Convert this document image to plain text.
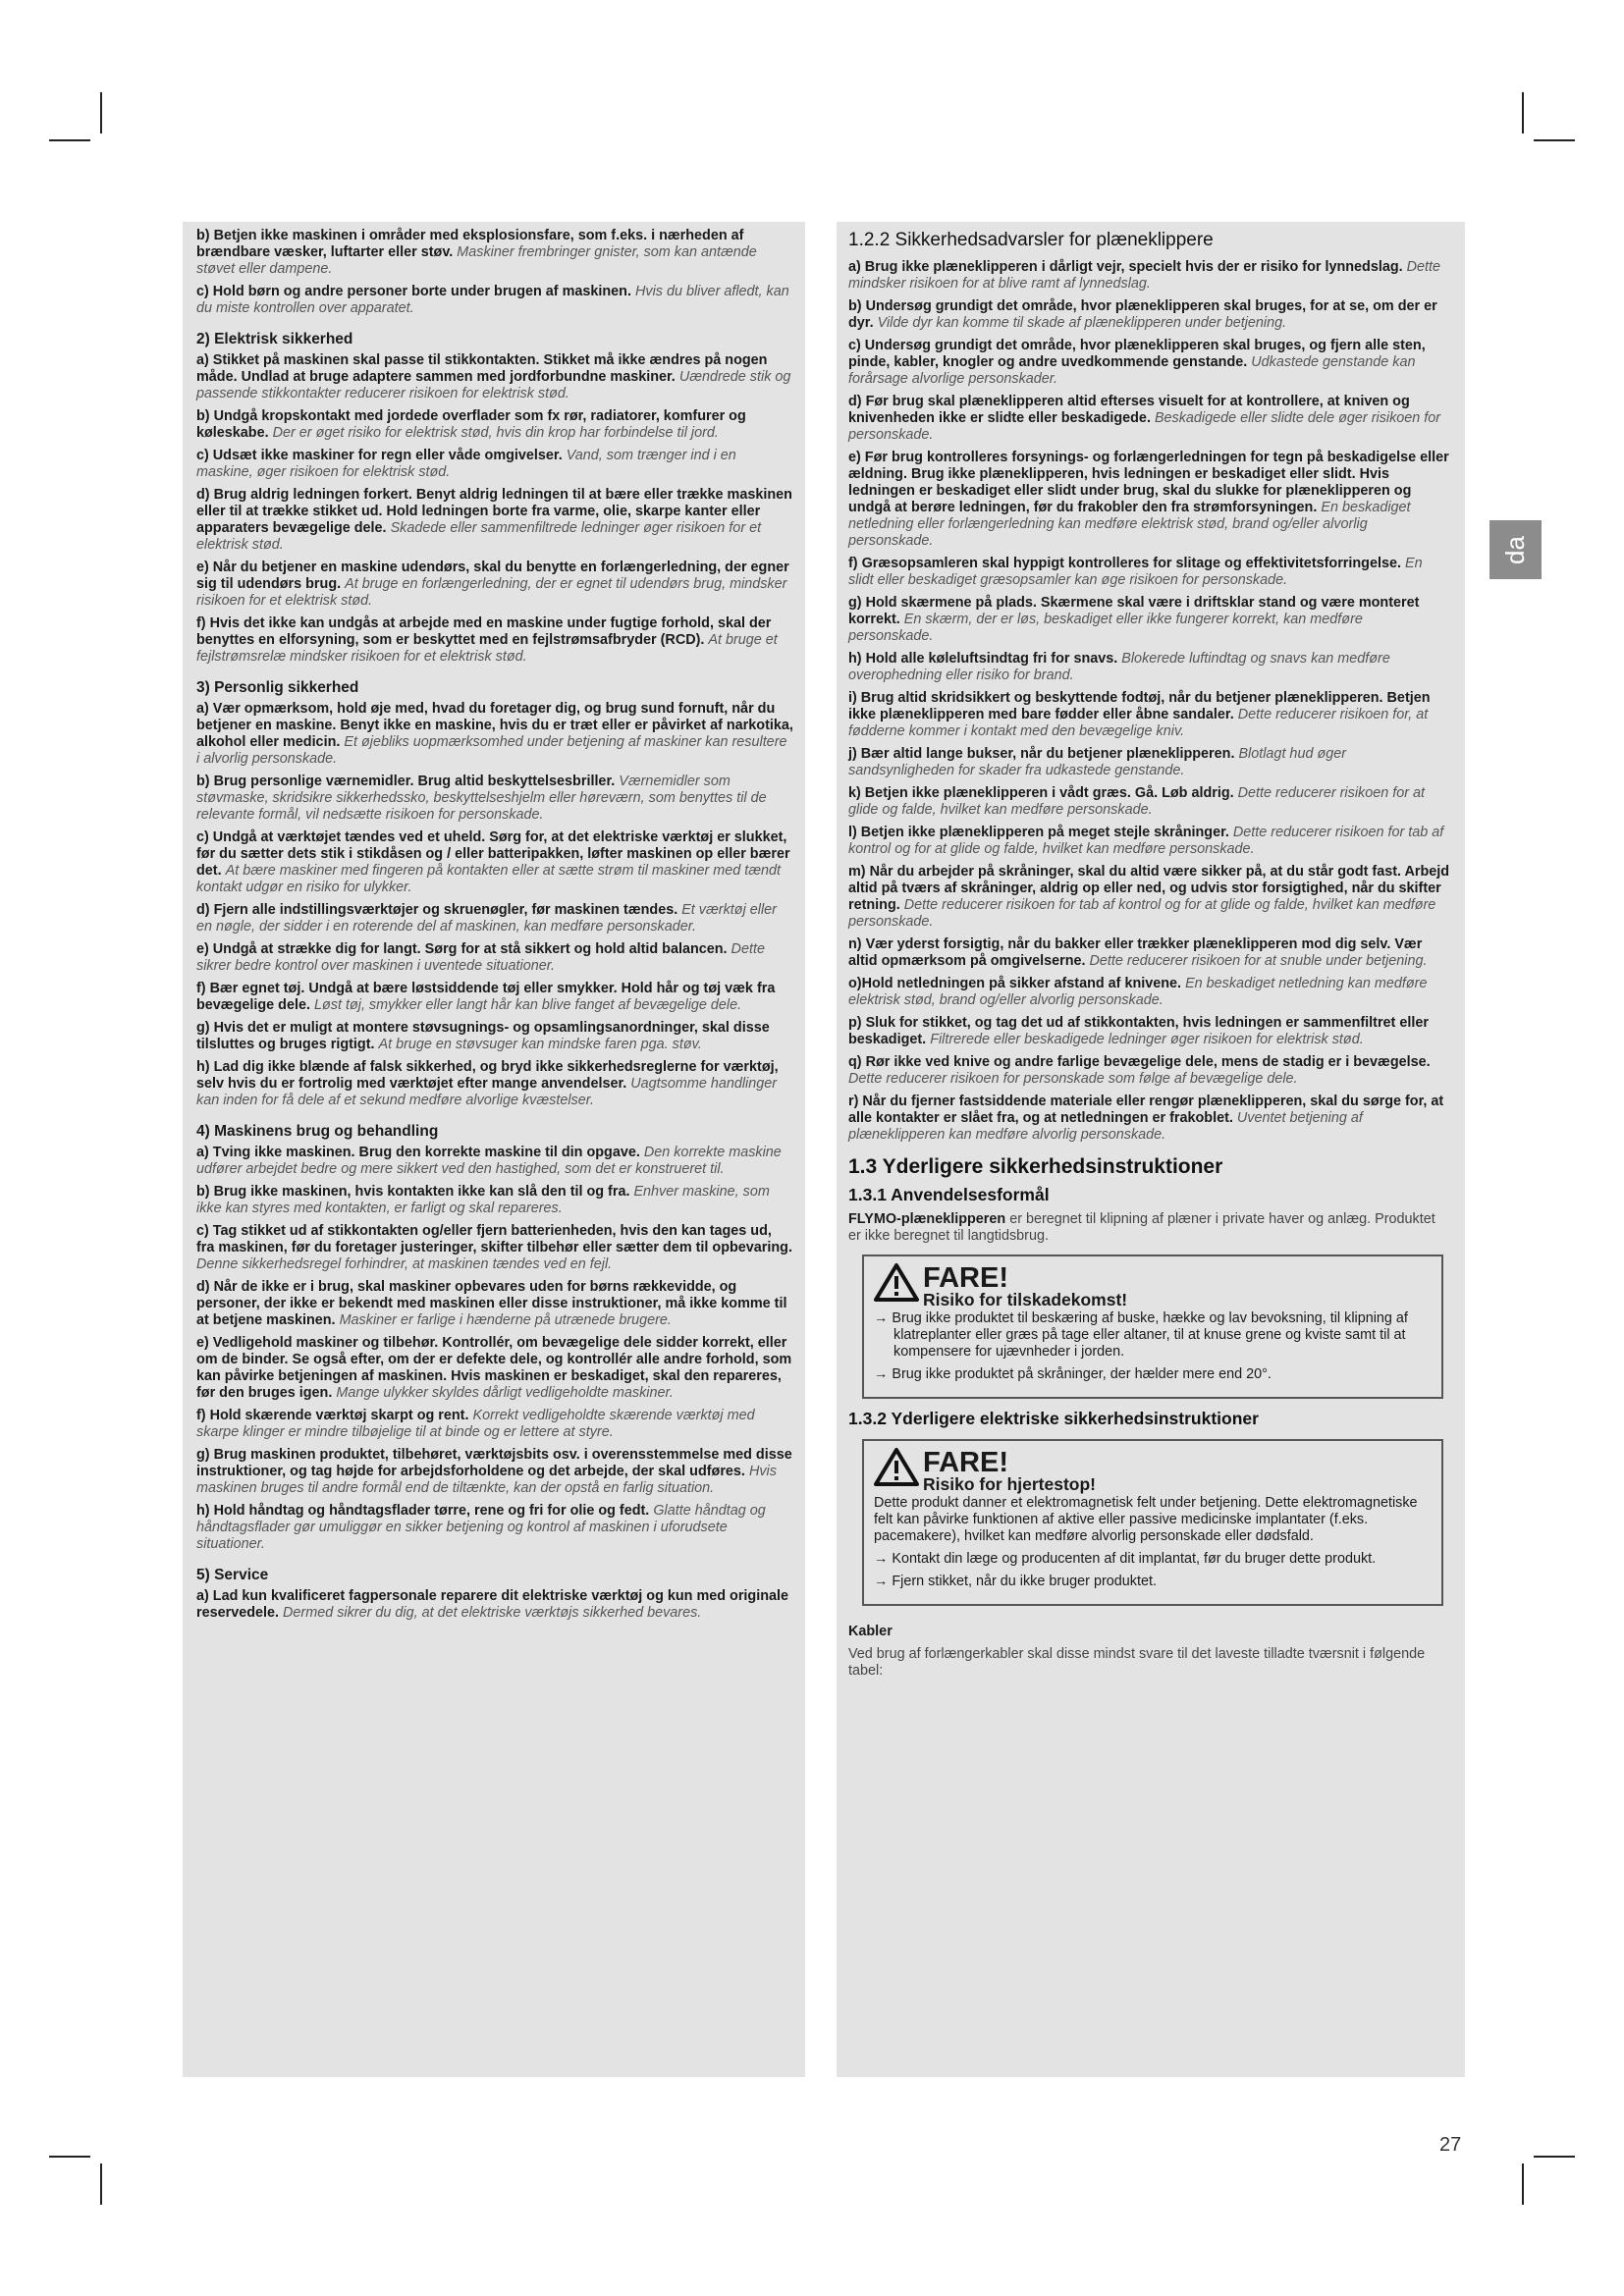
b) Betjen ikke maskinen i områder med eksplosionsfare, som f.eks. i nærheden af brændbare væsker, luftarter eller støv. Maskiner frembringer gnister, som kan antænde støvet eller dampene.

c) Hold børn og andre personer borte under brugen af maskinen. Hvis du bliver afledt, kan du miste kontrollen over apparatet.

2) Elektrisk sikkerhed

a) Stikket på maskinen skal passe til stikkontakten. Stikket må ikke ændres på nogen måde. Undlad at bruge adaptere sammen med jordforbundne maskiner. Uændrede stik og passende stikkontakter reducerer risikoen for elektrisk stød.

b) Undgå kropskontakt med jordede overflader som fx rør, radiatorer, komfurer og køleskabe. Der er øget risiko for elektrisk stød, hvis din krop har forbindelse til jord.

c) Udsæt ikke maskiner for regn eller våde omgivelser. Vand, som trænger ind i en maskine, øger risikoen for elektrisk stød.

d) Brug aldrig ledningen forkert. Benyt aldrig ledningen til at bære eller trække maskinen eller til at trække stikket ud. Hold ledningen borte fra varme, olie, skarpe kanter eller apparaters bevægelige dele. Skadede eller sammenfiltrede ledninger øger risikoen for et elektrisk stød.

e) Når du betjener en maskine udendørs, skal du benytte en forlængerledning, der egner sig til udendørs brug. At bruge en forlængerledning, der er egnet til udendørs brug, mindsker risikoen for et elektrisk stød.

f) Hvis det ikke kan undgås at arbejde med en maskine under fugtige forhold, skal der benyttes en elforsyning, som er beskyttet med en fejlstrømsafbryder (RCD). At bruge et fejlstrømsrelæ mindsker risikoen for et elektrisk stød.

3) Personlig sikkerhed

a) Vær opmærksom, hold øje med, hvad du foretager dig, og brug sund fornuft, når du betjener en maskine. Benyt ikke en maskine, hvis du er træt eller er påvirket af narkotika, alkohol eller medicin. Et øjebliks uopmærksomhed under betjening af maskiner kan resultere i alvorlig personskade.

b) Brug personlige værnemidler. Brug altid beskyttelsesbriller. Værnemidler som støvmaske, skridsikre sikkerhedssko, beskyttelseshjelm eller høreværn, som benyttes til de relevante formål, vil nedsætte risikoen for personskade.

c) Undgå at værktøjet tændes ved et uheld. Sørg for, at det elektriske værktøj er slukket, før du sætter dets stik i stikdåsen og / eller batteripakken, løfter maskinen op eller bærer det. At bære maskiner med fingeren på kontakten eller at sætte strøm til maskiner med tændt kontakt udgør en risiko for ulykker.

d) Fjern alle indstillingsværktøjer og skruenøgler, før maskinen tændes. Et værktøj eller en nøgle, der sidder i en roterende del af maskinen, kan medføre personskader.

e) Undgå at strække dig for langt. Sørg for at stå sikkert og hold altid balancen. Dette sikrer bedre kontrol over maskinen i uventede situationer.

f) Bær egnet tøj. Undgå at bære løstsiddende tøj eller smykker. Hold hår og tøj væk fra bevægelige dele. Løst tøj, smykker eller langt hår kan blive fanget af bevægelige dele.

g) Hvis det er muligt at montere støvsugnings- og opsamlingsanordninger, skal disse tilsluttes og bruges rigtigt. At bruge en støvsuger kan mindske faren pga. støv.

h) Lad dig ikke blænde af falsk sikkerhed, og bryd ikke sikkerhedsreglerne for værktøj, selv hvis du er fortrolig med værktøjet efter mange anvendelser. Uagtsomme handlinger kan inden for få dele af et sekund medføre alvorlige kvæstelser.

4) Maskinens brug og behandling

a) Tving ikke maskinen. Brug den korrekte maskine til din opgave. Den korrekte maskine udfører arbejdet bedre og mere sikkert ved den hastighed, som det er konstrueret til.

b) Brug ikke maskinen, hvis kontakten ikke kan slå den til og fra. Enhver maskine, som ikke kan styres med kontakten, er farligt og skal repareres.

c) Tag stikket ud af stikkontakten og/eller fjern batterienheden, hvis den kan tages ud, fra maskinen, før du foretager justeringer, skifter tilbehør eller sætter dem til opbevaring. Denne sikkerhedsregel forhindrer, at maskinen tændes ved en fejl.

d) Når de ikke er i brug, skal maskiner opbevares uden for børns rækkevidde, og personer, der ikke er bekendt med maskinen eller disse instruktioner, må ikke komme til at betjene maskinen. Maskiner er farlige i hænderne på utrænede brugere.

e) Vedligehold maskiner og tilbehør. Kontrollér, om bevægelige dele sidder korrekt, eller om de binder. Se også efter, om der er defekte dele, og kontrollér alle andre forhold, som kan påvirke betjeningen af maskinen. Hvis maskinen er beskadiget, skal den repareres, før den bruges igen. Mange ulykker skyldes dårligt vedligeholdte maskiner.

f) Hold skærende værktøj skarpt og rent. Korrekt vedligeholdte skærende værktøj med skarpe klinger er mindre tilbøjelige til at binde og er lettere at styre.

g) Brug maskinen produktet, tilbehøret, værktøjsbits osv. i overensstemmelse med disse instruktioner, og tag højde for arbejdsforholdene og det arbejde, der skal udføres. Hvis maskinen bruges til andre formål end de tiltænkte, kan der opstå en farlig situation.

h) Hold håndtag og håndtagsflader tørre, rene og fri for olie og fedt. Glatte håndtag og håndtagsflader gør umuliggør en sikker betjening og kontrol af maskinen i uforudsete situationer.

5) Service

a) Lad kun kvalificeret fagpersonale reparere dit elektriske værktøj og kun med originale reservedele. Dermed sikrer du dig, at det elektriske værktøjs sikkerhed bevares.

1.2.2 Sikkerhedsadvarsler for plæneklippere

a) Brug ikke plæneklipperen i dårligt vejr, specielt hvis der er risiko for lynnedslag. Dette mindsker risikoen for at blive ramt af lynnedslag.

b) Undersøg grundigt det område, hvor plæneklipperen skal bruges, for at se, om der er dyr. Vilde dyr kan komme til skade af plæneklipperen under betjening.

c) Undersøg grundigt det område, hvor plæneklipperen skal bruges, og fjern alle sten, pinde, kabler, knogler og andre uvedkommende genstande. Udkastede genstande kan forårsage alvorlige personskader.

d) Før brug skal plæneklipperen altid efterses visuelt for at kontrollere, at kniven og knivenheden ikke er slidte eller beskadigede. Beskadigede eller slidte dele øger risikoen for personskade.

e) Før brug kontrolleres forsynings- og forlængerledningen for tegn på beskadigelse eller ældning. Brug ikke plæneklipperen, hvis ledningen er beskadiget eller slidt. Hvis ledningen er beskadiget eller slidt under brug, skal du slukke for plæneklipperen og undgå at berøre ledningen, før du frakobler den fra strømforsyningen. En beskadiget netledning eller forlængerledning kan medføre elektrisk stød, brand og/eller alvorlig personskade.

f) Græsopsamleren skal hyppigt kontrolleres for slitage og effektivitetsforringelse. En slidt eller beskadiget græsopsamler kan øge risikoen for personskade.

g) Hold skærmene på plads. Skærmene skal være i driftsklar stand og være monteret korrekt. En skærm, der er løs, beskadiget eller ikke fungerer korrekt, kan medføre personskade.

h) Hold alle køleluftsindtag fri for snavs. Blokerede luftindtag og snavs kan medføre overophedning eller risiko for brand.

i) Brug altid skridsikkert og beskyttende fodtøj, når du betjener plæneklipperen. Betjen ikke plæneklipperen med bare fødder eller åbne sandaler. Dette reducerer risikoen for, at fødderne kommer i kontakt med den bevægelige kniv.

j) Bær altid lange bukser, når du betjener plæneklipperen. Blotlagt hud øger sandsynligheden for skader fra udkastede genstande.

k) Betjen ikke plæneklipperen i vådt græs. Gå. Løb aldrig. Dette reducerer risikoen for at glide og falde, hvilket kan medføre personskade.

l) Betjen ikke plæneklipperen på meget stejle skråninger. Dette reducerer risikoen for tab af kontrol og for at glide og falde, hvilket kan medføre personskade.

m) Når du arbejder på skråninger, skal du altid være sikker på, at du står godt fast. Arbejd altid på tværs af skråninger, aldrig op eller ned, og udvis stor forsigtighed, når du skifter retning. Dette reducerer risikoen for tab af kontrol og for at glide og falde, hvilket kan medføre personskade.

n) Vær yderst forsigtig, når du bakker eller trækker plæneklipperen mod dig selv. Vær altid opmærksom på omgivelserne. Dette reducerer risikoen for at snuble under betjening.

o)Hold netledningen på sikker afstand af knivene. En beskadiget netledning kan medføre elektrisk stød, brand og/eller alvorlig personskade.

p) Sluk for stikket, og tag det ud af stikkontakten, hvis ledningen er sammenfiltret eller beskadiget. Filtrerede eller beskadigede ledninger øger risikoen for elektrisk stød.

q) Rør ikke ved knive og andre farlige bevægelige dele, mens de stadig er i bevægelse. Dette reducerer risikoen for personskade som følge af bevægelige dele.

r) Når du fjerner fastsiddende materiale eller rengør plæneklipperen, skal du sørge for, at alle kontakter er slået fra, og at netledningen er frakoblet. Uventet betjening af plæneklipperen kan medføre alvorlig personskade.

1.3 Yderligere sikkerhedsinstruktioner
1.3.1 Anvendelsesformål

FLYMO-plæneklipperen er beregnet til klipning af plæner i private haver og anlæg. Produktet er ikke beregnet til langtidsbrug.

FARE!
Risiko for tilskadekomst!

→ Brug ikke produktet til beskæring af buske, hække og lav bevoksning, til klipning af klatreplanter eller græs på tage eller altaner, til at knuse grene og kviste samt til at kompensere for ujævnheder i jorden.

→ Brug ikke produktet på skråninger, der hælder mere end 20°.

1.3.2 Yderligere elektriske sikkerhedsinstruktioner
FARE!
Risiko for hjertestop!

Dette produkt danner et elektromagnetisk felt under betjening. Dette elektromagnetiske felt kan påvirke funktionen af aktive eller passive medicinske implantater (f.eks. pacemakere), hvilket kan medføre alvorlig personskade eller dødsfald.

→ Kontakt din læge og producenten af dit implantat, før du bruger dette produkt.

→ Fjern stikket, når du ikke bruger produktet.

Kabler

Ved brug af forlængerkabler skal disse mindst svare til det laveste tilladte tværsnit i følgende tabel:

da
27
